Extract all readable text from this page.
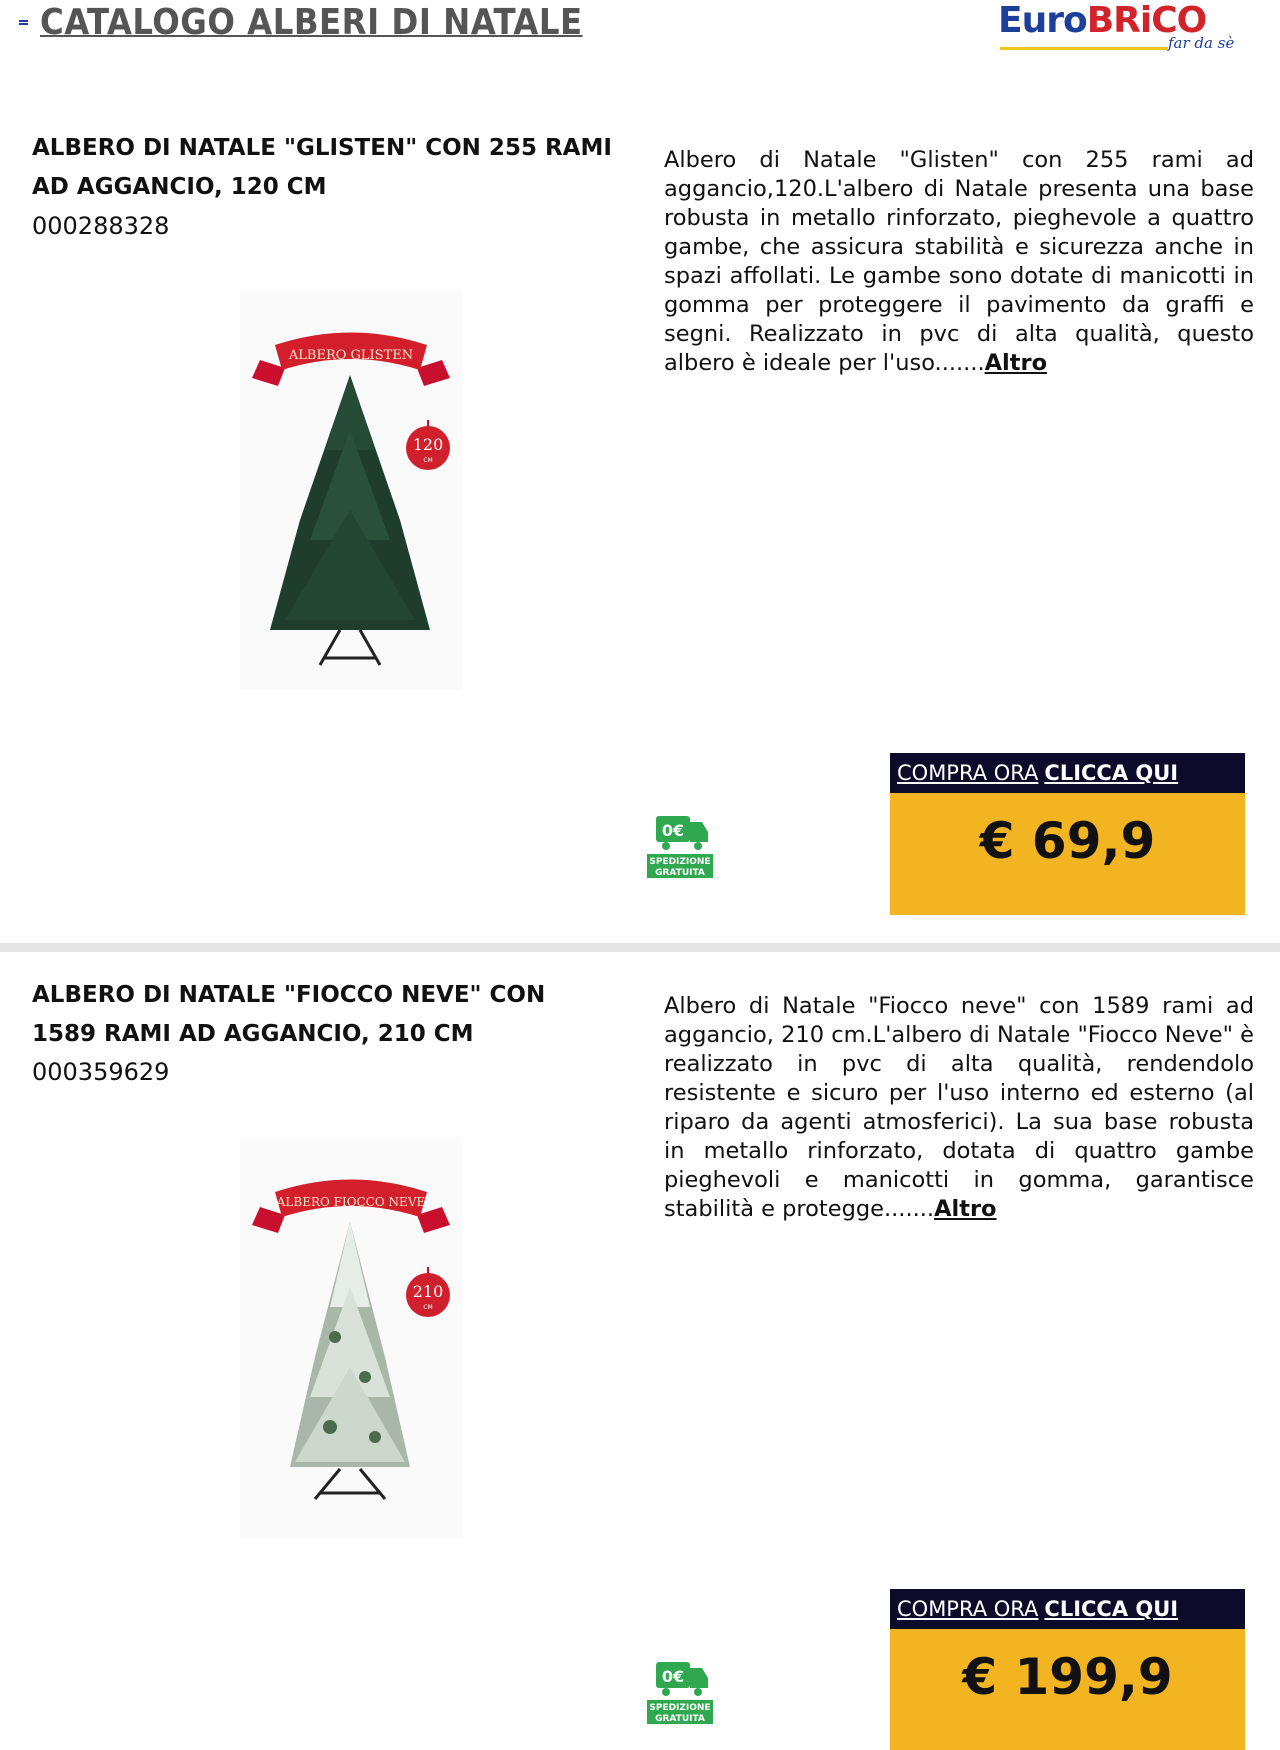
CATALOGO ALBERI DI NATALE	EuroBRiCO
far da sè
ALBERO DI NATALE "GLISTEN" CON 255 RAMI AD AGGANCIO, 120 CM
000288328
Albero di Natale "Glisten" con 255 rami ad aggancio,120.L'albero di Natale presenta una base robusta in metallo rinforzato, pieghevole a quattro gambe, che assicura stabilità e sicurezza anche in spazi affollati. Le gambe sono dotate di manicotti in gomma per proteggere il pavimento da graffi e segni. Realizzato in pvc di alta qualità, questo albero è ideale per l'uso.......Altro
ALBERO GLISTEN
120
CM
0€
SPEDIZIONE
GRATUITA
COMPRA ORA CLICCA QUI
€ 69,9
ALBERO DI NATALE "FIOCCO NEVE" CON 1589 RAMI AD AGGANCIO, 210 CM
000359629
Albero di Natale "Fiocco neve" con 1589 rami ad aggancio, 210 cm.L'albero di Natale "Fiocco Neve" è realizzato in pvc di alta qualità, rendendolo resistente e sicuro per l'uso interno ed esterno (al riparo da agenti atmosferici). La sua base robusta in metallo rinforzato, dotata di quattro gambe pieghevoli e manicotti in gomma, garantisce stabilità e protegge.......Altro
ALBERO FIOCCO NEVE
210
CM
0€
SPEDIZIONE
GRATUITA
COMPRA ORA CLICCA QUI
€ 199,9
